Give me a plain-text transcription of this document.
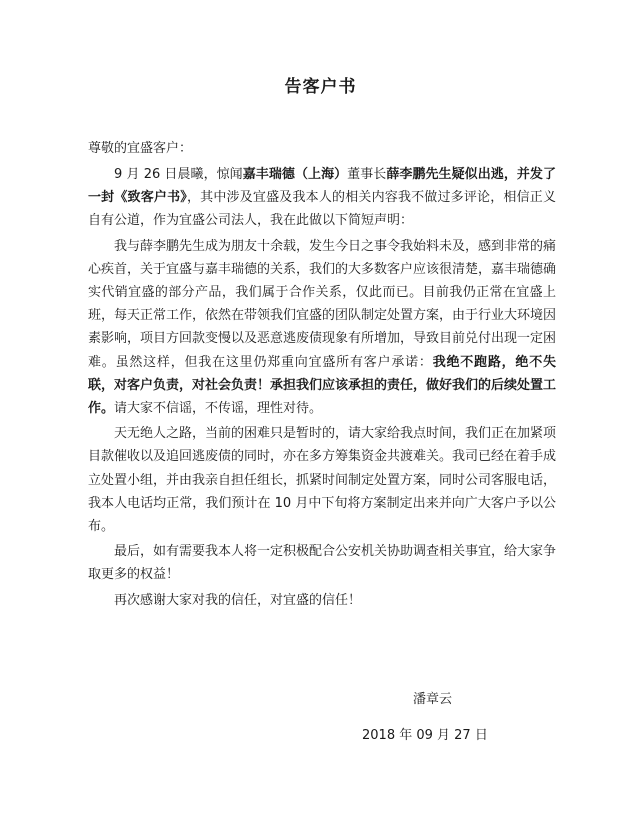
告客户书
尊敬的宜盛客户：

9 月 26 日晨曦，惊闻嘉丰瑞德（上海）董事长薛李鹏先生疑似出逃，并发了一封《致客户书》，其中涉及宜盛及我本人的相关内容我不做过多评论，相信正义自有公道，作为宜盛公司法人，我在此做以下简短声明：

我与薛李鹏先生成为朋友十余载，发生今日之事令我始料未及，感到非常的痛心疾首，关于宜盛与嘉丰瑞德的关系，我们的大多数客户应该很清楚，嘉丰瑞德确实代销宜盛的部分产品，我们属于合作关系，仅此而已。目前我仍正常在宜盛上班，每天正常工作，依然在带领我们宜盛的团队制定处置方案，由于行业大环境因素影响，项目方回款变慢以及恶意逃废债现象有所增加，导致目前兑付出现一定困难。虽然这样，但我在这里仍郑重向宜盛所有客户承诺：我绝不跑路，绝不失联，对客户负责，对社会负责！承担我们应该承担的责任，做好我们的后续处置工作。请大家不信谣，不传谣，理性对待。

天无绝人之路，当前的困难只是暂时的，请大家给我点时间，我们正在加紧项目款催收以及追回逃废债的同时，亦在多方筹集资金共渡难关。我司已经在着手成立处置小组，并由我亲自担任组长，抓紧时间制定处置方案，同时公司客服电话，我本人电话均正常，我们预计在 10 月中下旬将方案制定出来并向广大客户予以公布。

最后，如有需要我本人将一定积极配合公安机关协助调查相关事宜，给大家争取更多的权益！

再次感谢大家对我的信任，对宜盛的信任！

潘章云
2018 年 09 月 27 日
